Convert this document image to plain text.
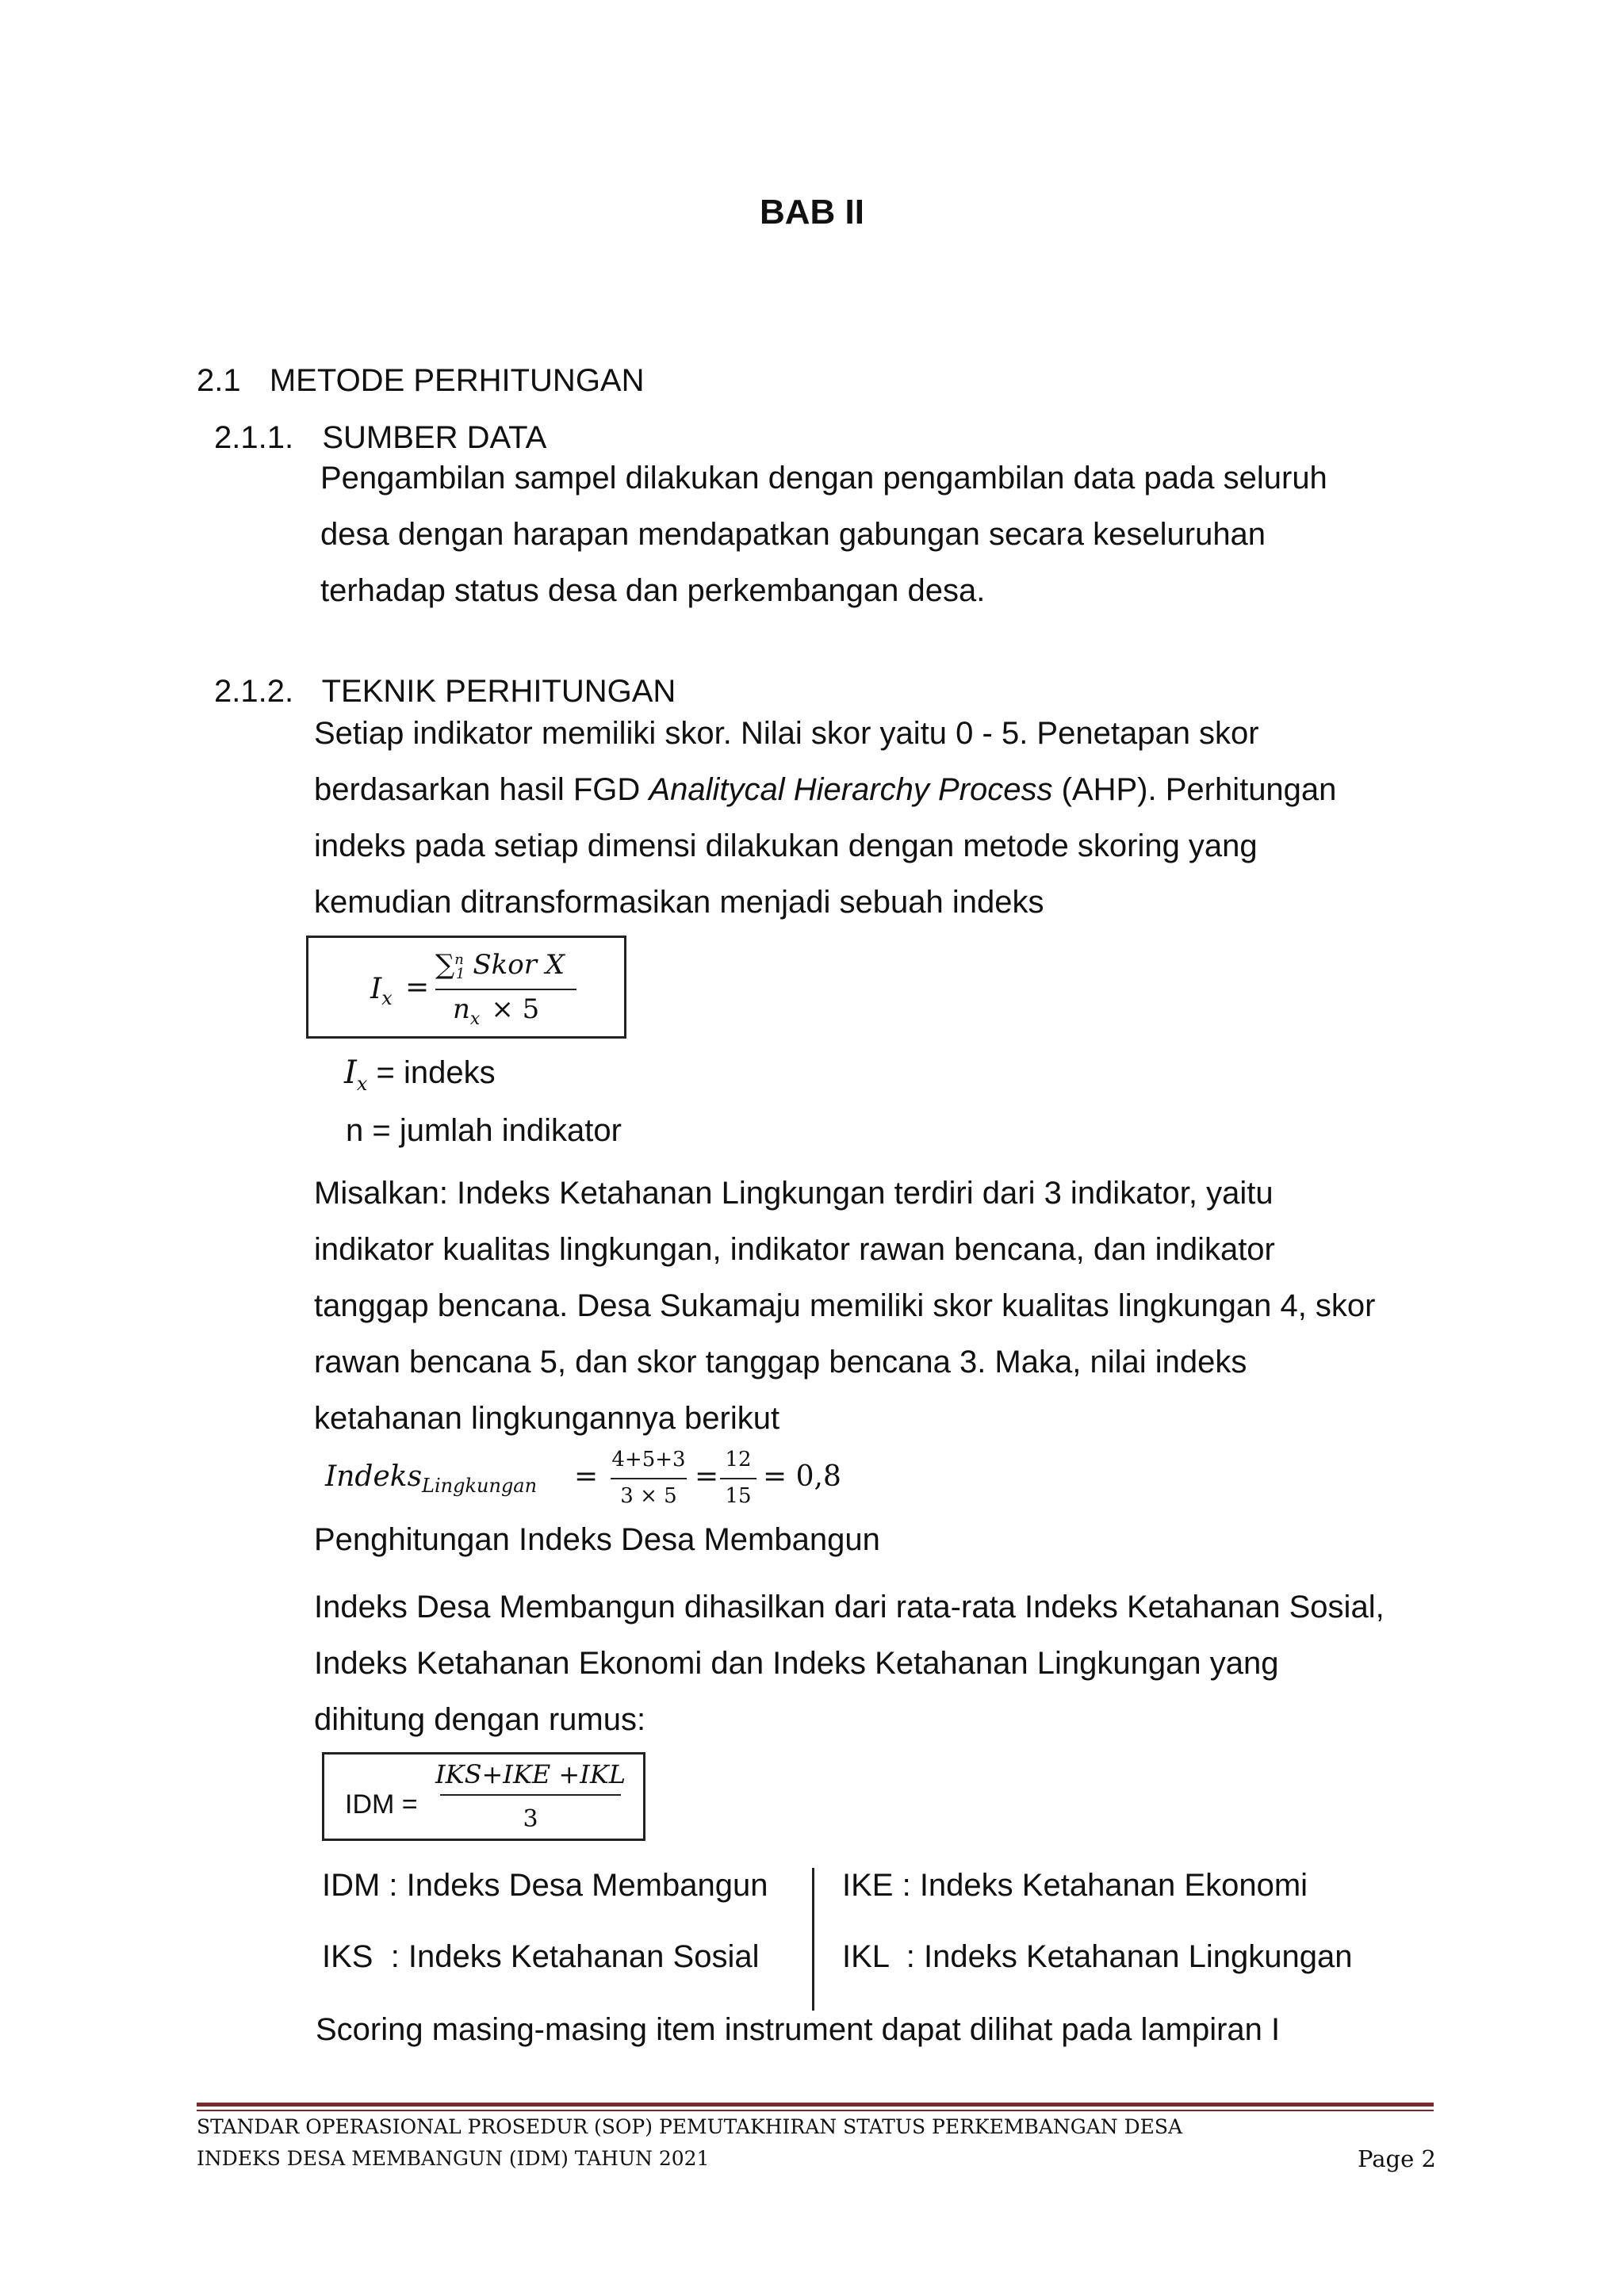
BAB II
2.1 METODE PERHITUNGAN
2.1.1. SUMBER DATA
Pengambilan sampel dilakukan dengan pengambilan data pada seluruh
desa dengan harapan mendapatkan gabungan secara keseluruhan
terhadap status desa dan perkembangan desa.
2.1.2. TEKNIK PERHITUNGAN
Setiap indikator memiliki skor. Nilai skor yaitu 0 - 5. Penetapan skor
berdasarkan hasil FGD Analitycal Hierarchy Process (AHP). Perhitungan
indeks pada setiap dimensi dilakukan dengan metode skoring yang
kemudian ditransformasikan menjadi sebuah indeks
$I_x$ =
∑$^n$1 Skor X
$n_x \times 5$
$I_x$ = indeks
n = jumlah indikator
Misalkan: Indeks Ketahanan Lingkungan terdiri dari 3 indikator, yaitu
indikator kualitas lingkungan, indikator rawan bencana, dan indikator
tanggap bencana. Desa Sukamaju memiliki skor kualitas lingkungan 4, skor
rawan bencana 5, dan skor tanggap bencana 3. Maka, nilai indeks
ketahanan lingkungannya berikut
Indeks$_{Lingkungan}$ =
4+5+3
3 × 5
=
12
15
= 0,8
Penghitungan Indeks Desa Membangun
Indeks Desa Membangun dihasilkan dari rata-rata Indeks Ketahanan Sosial,
Indeks Ketahanan Ekonomi dan Indeks Ketahanan Lingkungan yang
dihitung dengan rumus:
IDM =
IKS+IKE +IKL
3
IDM : Indeks Desa Membangun
IKS  : Indeks Ketahanan Sosial
IKE : Indeks Ketahanan Ekonomi
IKL  : Indeks Ketahanan Lingkungan
Scoring masing-masing item instrument dapat dilihat pada lampiran I
STANDAR OPERASIONAL PROSEDUR (SOP) PEMUTAKHIRAN STATUS PERKEMBANGAN DESA
INDEKS DESA MEMBANGUN (IDM) TAHUN 2021	Page 2
